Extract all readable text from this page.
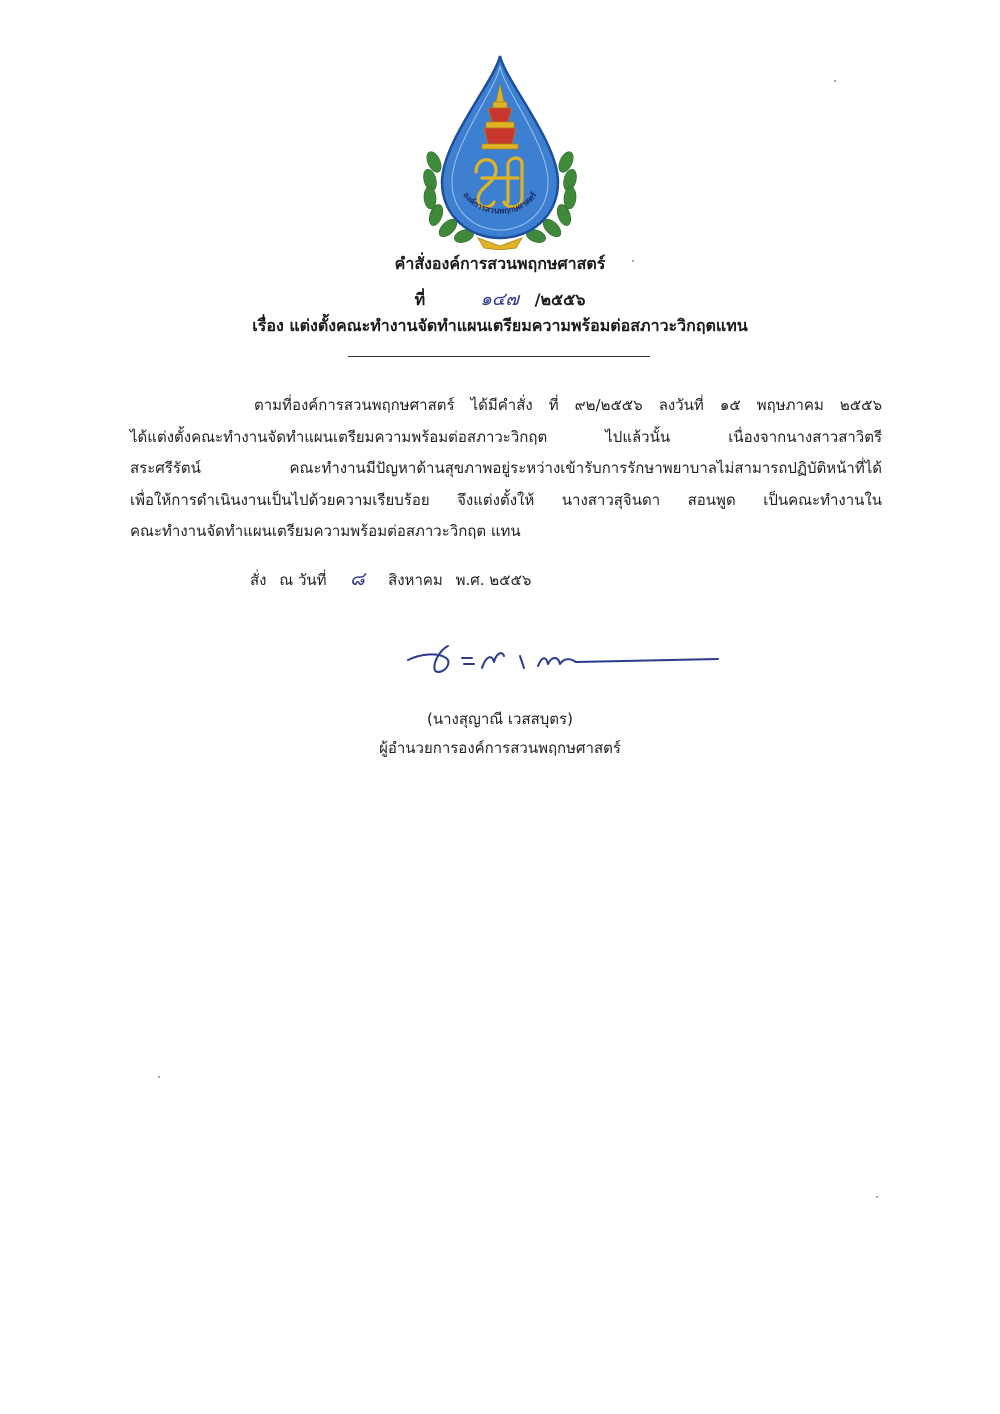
องค์การสวนพฤกษศาสตร์
คำสั่งองค์การสวนพฤกษศาสตร์
ที่	๑๔๗ /๒๕๕๖
เรื่อง แต่งตั้งคณะทำงานจัดทำแผนเตรียมความพร้อมต่อสภาวะวิกฤตแทน
ตามที่องค์การสวนพฤกษศาสตร์ ได้มีคำสั่ง ที่ ๙๒/๒๕๕๖ ลงวันที่ ๑๕ พฤษภาคม ๒๕๕๖
ได้แต่งตั้งคณะทำงานจัดทำแผนเตรียมความพร้อมต่อสภาวะวิกฤต ไปแล้วนั้น เนื่องจากนางสาวสาวิตรี
สระศรีรัตน์ คณะทำงานมีปัญหาด้านสุขภาพอยู่ระหว่างเข้ารับการรักษาพยาบาลไม่สามารถปฏิบัติหน้าที่ได้
เพื่อให้การดำเนินงานเป็นไปด้วยความเรียบร้อย จึงแต่งตั้งให้ นางสาวสุจินดา สอนพูด เป็นคณะทำงานใน
คณะทำงานจัดทำแผนเตรียมความพร้อมต่อสภาวะวิกฤต แทน
สั่ง ณ วันที่ ๘ สิงหาคม พ.ศ. ๒๕๕๖
(นางสุญาณี เวสสบุตร)
ผู้อำนวยการองค์การสวนพฤกษศาสตร์
